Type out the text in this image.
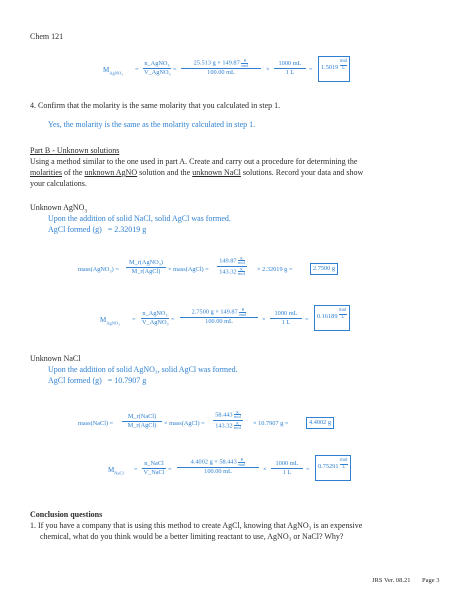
Chem 121
$M_{AgNO_3}$ =
n_AgNO₃
V_AgNO₃ =
25.513 g × 149.87 g
mol
100.00 mL	×
1000 mL
1 L	=	1.5019
mol
L
4. Confirm that the molarity is the same molarity that you calculated in step 1.
Yes, the molarity is the same as the molarity calculated in step 1.
Part B - Unknown solutions
Using a method similar to the one used in part A. Create and carry out a procedure for determining the
molarities of the unknown AgNO solution and the unknown NaCl solutions. Record your data and show
your calculations.
Unknown AgNO$_3$
Upon the addition of solid NaCl, solid AgCl was formed.
AgCl formed (g) = 2.32019 g
mass(AgNO₃) =
M_r(AgNO₃)
M_r(AgCl)	× mass(AgCl) =
149.87 g
mol
143.32 g
mol
× 2.32019 g =	2.7500 g
$M_{AgNO_3}$ =
n_AgNO₃
V_AgNO₃ =
2.7500 g × 149.87 g
mol
100.00 mL	×
1000 mL
1 L	=	0.16189
mol
L
Unknown NaCl
Upon the addition of solid AgNO₃, solid AgCl was formed.
AgCl formed (g) = 10.7907 g
mass(NaCl) =
M_r(NaCl)
M_r(AgCl)	× mass(AgCl) =
58.443 g
mol
143.32 g
mol
× 10.7907 g =	4.4002 g
$M_{NaCl}$ =
n_NaCl
V_NaCl =
4.4002 g × 58.443 g
mol
100.00 mL	×
1000 mL
1 L	=	0.75291
mol
L
Conclusion questions
1. If you have a company that is using this method to create AgCl, knowing that AgNO₃ is an expensive
chemical, what do you think would be a better limiting reactant to use, AgNO₃ or NaCl? Why?
JRS Ver. 08.21 Page 3
